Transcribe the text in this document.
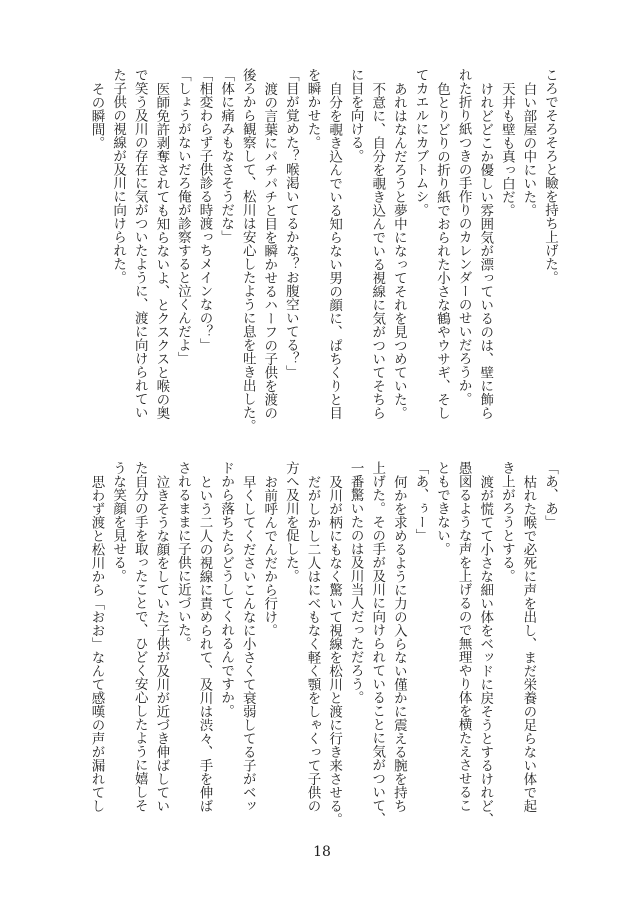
ころでそろそろと瞼を持ち上げた。
白い部屋の中にいた。
天井も壁も真っ白だ。
けれどどこか優しい雰囲気が漂っているのは、壁に飾ら
れた折り紙つきの手作りのカレンダーのせいだろうか。
色とりどりの折り紙でおられた小さな鶴やウサギ、そし
てカエルにカブトムシ。
あれはなんだろうと夢中になってそれを見つめていた。
不意に、自分を覗き込んでいる視線に気がついてそちら
に目を向ける。
自分を覗き込んでいる知らない男の顔に、ぱちくりと目
を瞬かせた。
「目が覚めた？喉渇いてるかな？お腹空いてる？」
渡の言葉にパチパチと目を瞬かせるハーフの子供を渡の
後ろから観察して、松川は安心したように息を吐き出した。
「体に痛みもなさそうだな」
「相変わらず子供診る時渡っちメインなの？」
「しょうがないだろ俺が診察すると泣くんだよ」
医師免許剥奪されても知らないよ、とクスクスと喉の奥
で笑う及川の存在に気がついたように、渡に向けられてい
た子供の視線が及川に向けられた。
その瞬間。
「あ、あ」
枯れた喉で必死に声を出し、まだ栄養の足らない体で起
き上がろうとする。
渡が慌てて小さな細い体をベッドに戻そうとするけれど、
愚図るような声を上げるので無理やり体を横たえさせるこ
ともできない。
「あ、ぅー」
何かを求めるように力の入らない僅かに震える腕を持ち
上げた。その手が及川に向けられていることに気がついて、
一番驚いたのは及川当人だっただろう。
及川が柄にもなく驚いて視線を松川と渡に行き来させる。
だがしかし二人はにべもなく軽く顎をしゃくって子供の
方へ及川を促した。
お前呼んでんだから行け。
早くしてくださいこんなに小さくて衰弱してる子がベッ
ドから落ちたらどうしてくれるんですか。
という二人の視線に責められて、及川は渋々、手を伸ば
されるままに子供に近づいた。
泣きそうな顔をしていた子供が及川が近づき伸ばしてい
た自分の手を取ったことで、ひどく安心したように嬉しそ
うな笑顔を見せる。
思わず渡と松川から「おお」なんて感嘆の声が漏れてし
18
